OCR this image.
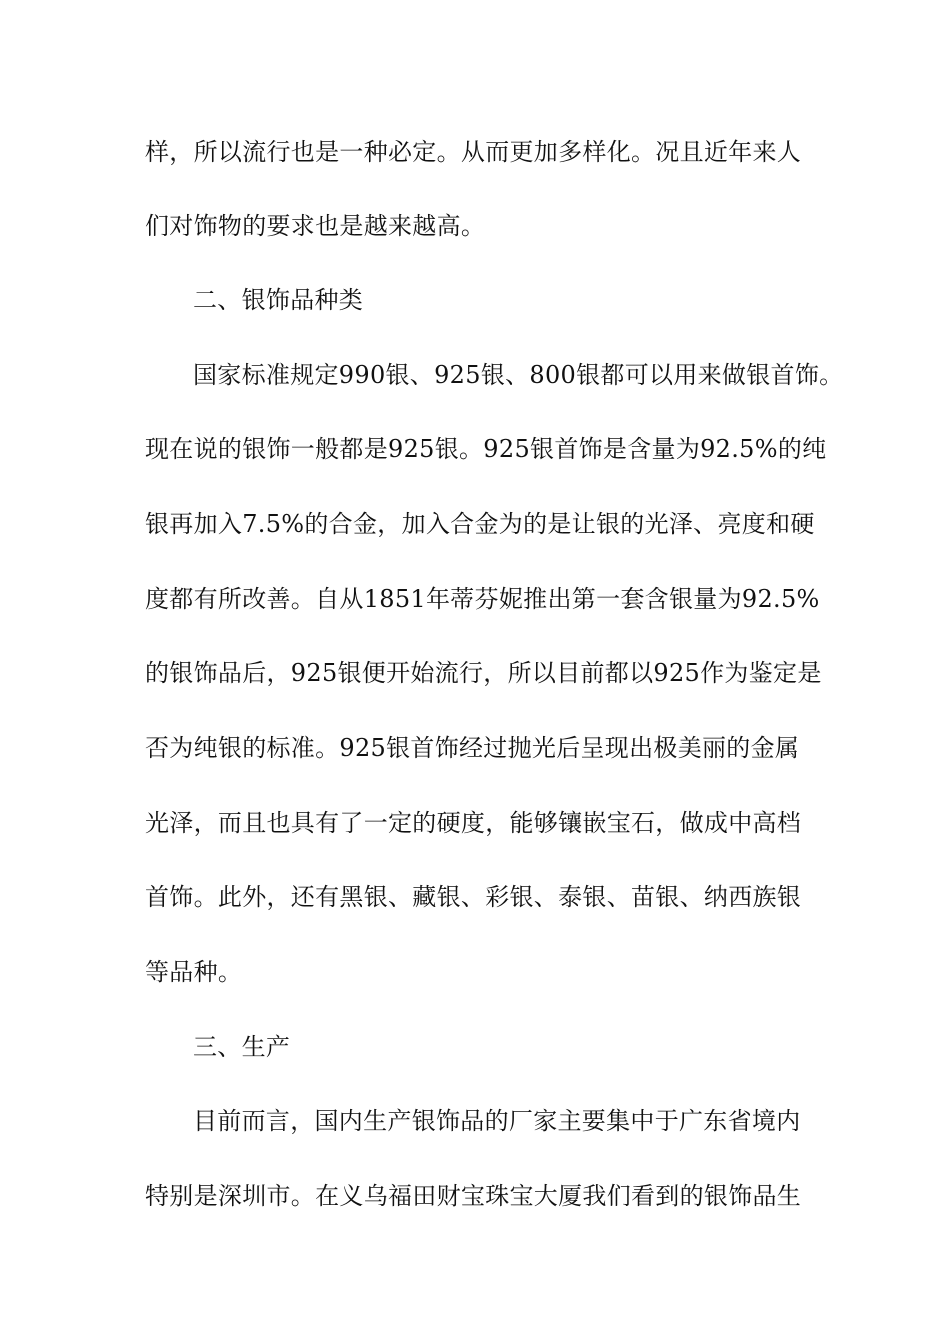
样，所以流行也是一种必定。从而更加多样化。况且近年来人
们对饰物的要求也是越来越高。
二、银饰品种类
国家标准规定990银、925银、800银都可以用来做银首饰。
现在说的银饰一般都是925银。925银首饰是含量为92.5%的纯
银再加入7.5%的合金，加入合金为的是让银的光泽、亮度和硬
度都有所改善。自从1851年蒂芬妮推出第一套含银量为92.5%
的银饰品后，925银便开始流行，所以目前都以925作为鉴定是
否为纯银的标准。925银首饰经过抛光后呈现出极美丽的金属
光泽，而且也具有了一定的硬度，能够镶嵌宝石，做成中高档
首饰。此外，还有黑银、藏银、彩银、泰银、苗银、纳西族银
等品种。
三、生产
目前而言，国内生产银饰品的厂家主要集中于广东省境内
特别是深圳市。在义乌福田财宝珠宝大厦我们看到的银饰品生
